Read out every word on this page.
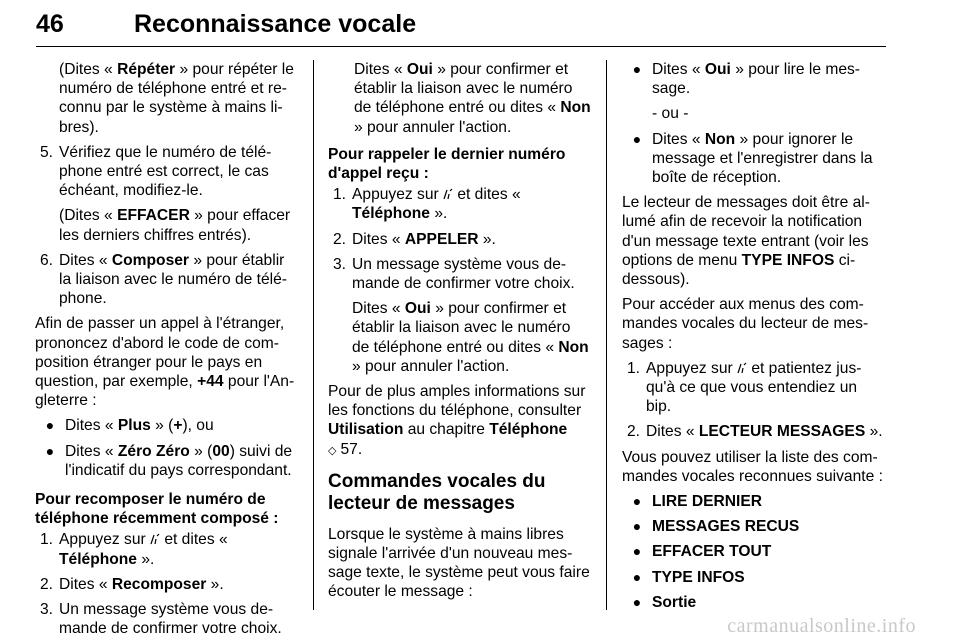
46	Reconnaissance vocale

(Dites « Répéter » pour répéter le numéro de téléphone entré et re-connu par le système à mains li-bres).

5. Vérifiez que le numéro de télé-phone entré est correct, le cas échéant, modifiez-le.
(Dites « EFFACER » pour effacer les derniers chiffres entrés).
6. Dites « Composer » pour établir la liaison avec le numéro de télé-phone.

Afin de passer un appel à l'étranger, prononcez d'abord le code de com-position étranger pour le pays en question, par exemple, +44 pour l'An-gleterre :

● Dites « Plus » (+), ou
● Dites « Zéro Zéro » (00) suivi de l'indicatif du pays correspondant.
Pour recomposer le numéro de téléphone récemment composé :
1. Appuyez sur  et dites « Téléphone ».
2. Dites « Recomposer ».
3. Un message système vous de-mande de confirmer votre choix.

Dites « Oui » pour confirmer et établir la liaison avec le numéro de téléphone entré ou dites « Non » pour annuler l'action.

Pour rappeler le dernier numéro d'appel reçu :
1. Appuyez sur  et dites « Téléphone ».
2. Dites « APPELER ».
3. Un message système vous de-mande de confirmer votre choix.
Dites « Oui » pour confirmer et établir la liaison avec le numéro de téléphone entré ou dites « Non » pour annuler l'action.

Pour de plus amples informations sur les fonctions du téléphone, consulter Utilisation au chapitre Téléphone
◇ 57.

Commandes vocales du lecteur de messages

Lorsque le système à mains libres signale l'arrivée d'un nouveau mes-sage texte, le système peut vous faire écouter le message :

● Dites « Oui » pour lire le mes-sage.
- ou -
● Dites « Non » pour ignorer le message et l'enregistrer dans la boîte de réception.

Le lecteur de messages doit être al-lumé afin de recevoir la notification d'un message texte entrant (voir les options de menu TYPE INFOS ci-dessous).

Pour accéder aux menus des com-mandes vocales du lecteur de mes-sages :

1. Appuyez sur  et patientez jus-qu'à ce que vous entendiez un bip.
2. Dites « LECTEUR MESSAGES ».

Vous pouvez utiliser la liste des com-mandes vocales reconnues suivante :

● LIRE DERNIER
● MESSAGES RECUS
● EFFACER TOUT
● TYPE INFOS
● Sortie
carmanualsonline.info
